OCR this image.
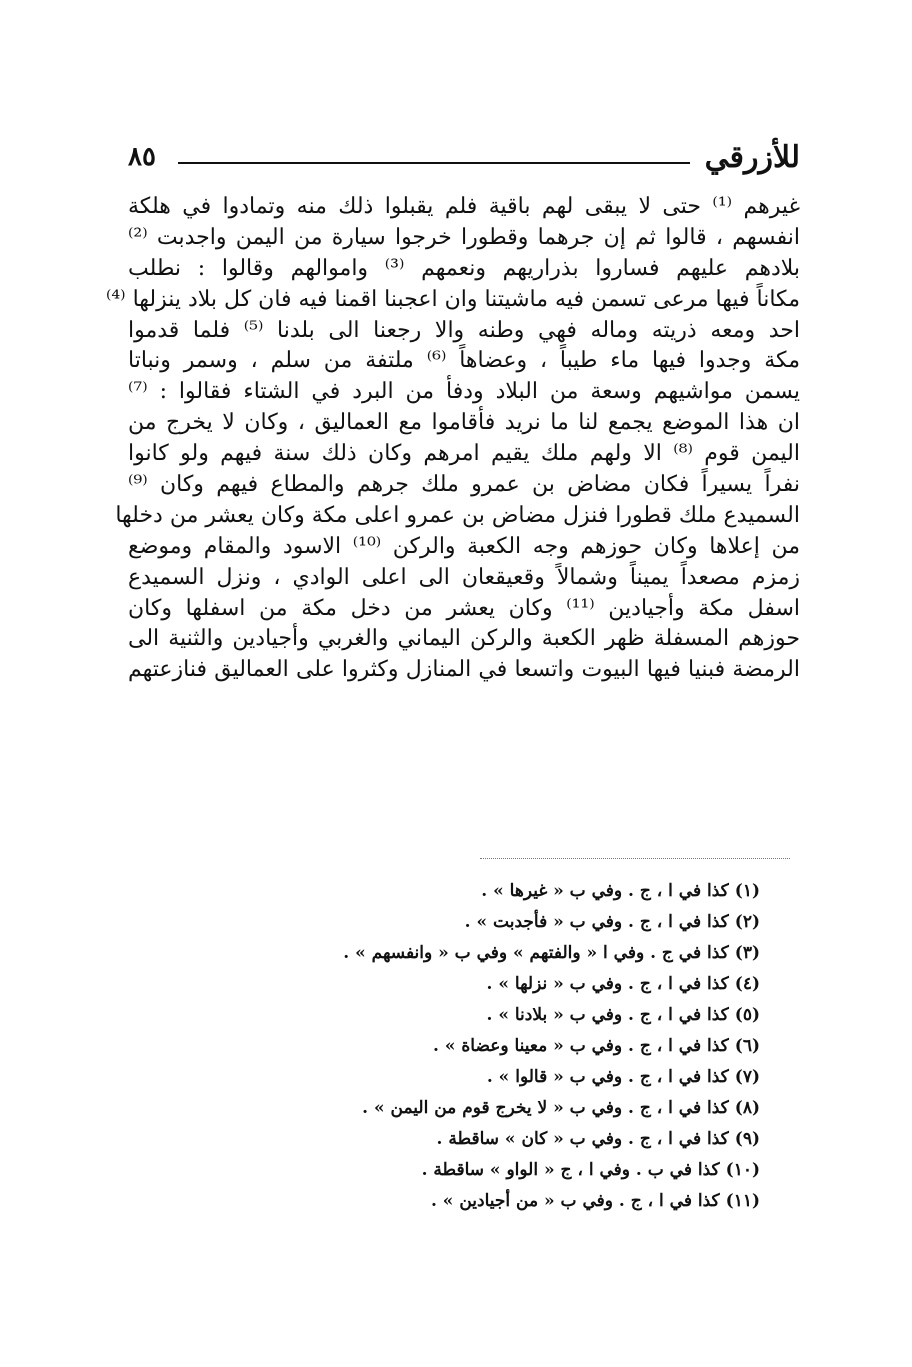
للأزرقي
٨٥
غيرهم ⁽¹⁾ حتى لا يبقى لهم باقية فلم يقبلوا ذلك منه وتمادوا في هلكة
انفسهم ، قالوا ثم إن جرهما وقطورا خرجوا سيارة من اليمن واجدبت ⁽²⁾
بلادهم عليهم فساروا بذراريهم ونعمهم ⁽³⁾ واموالهم وقالوا : نطلب
مكاناً فيها مرعى تسمن فيه ماشيتنا وان اعجبنا اقمنا فيه فان كل بلاد ينزلها ⁽⁴⁾
احد ومعه ذريته وماله فهي وطنه والا رجعنا الى بلدنا ⁽⁵⁾ فلما قدموا
مكة وجدوا فيها ماء طيباً ، وعضاهاً ⁽⁶⁾ ملتفة من سلم ، وسمر ونباتا
يسمن مواشيهم وسعة من البلاد ودفأ من البرد في الشتاء فقالوا : ⁽⁷⁾
ان هذا الموضع يجمع لنا ما نريد فأقاموا مع العماليق ، وكان لا يخرج من
اليمن قوم ⁽⁸⁾ الا ولهم ملك يقيم امرهم وكان ذلك سنة فيهم ولو كانوا
نفراً يسيراً فكان مضاض بن عمرو ملك جرهم والمطاع فيهم وكان ⁽⁹⁾
السميدع ملك قطورا فنزل مضاض بن عمرو اعلى مكة وكان يعشر من دخلها
من إعلاها وكان حوزهم وجه الكعبة والركن ⁽¹⁰⁾ الاسود والمقام وموضع
زمزم مصعداً يميناً وشمالاً وقعيقعان الى اعلى الوادي ، ونزل السميدع
اسفل مكة وأجيادين ⁽¹¹⁾ وكان يعشر من دخل مكة من اسفلها وكان
حوزهم المسفلة ظهر الكعبة والركن اليماني والغربي وأجيادين والثنية الى
الرمضة فبنيا فيها البيوت واتسعا في المنازل وكثروا على العماليق فنازعتهم
(١)كذا في ا ، ج . وفي ب « غيرها » .
(٢)كذا في ا ، ج . وفي ب « فأجدبت » .
(٣)كذا في ج . وفي ا « والفتهم » وفي ب « وانفسهم » .
(٤)كذا في ا ، ج . وفي ب « نزلها » .
(٥)كذا في ا ، ج . وفي ب « بلادنا » .
(٦)كذا في ا ، ج . وفي ب « معينا وعضاة » .
(٧)كذا في ا ، ج . وفي ب « قالوا » .
(٨)كذا في ا ، ج . وفي ب « لا يخرج قوم من اليمن » .
(٩)كذا في ا ، ج . وفي ب « كان » ساقطة .
(١٠)كذا في ب . وفي ا ، ج « الواو » ساقطة .
(١١)كذا في ا ، ج . وفي ب « من أجيادين » .
